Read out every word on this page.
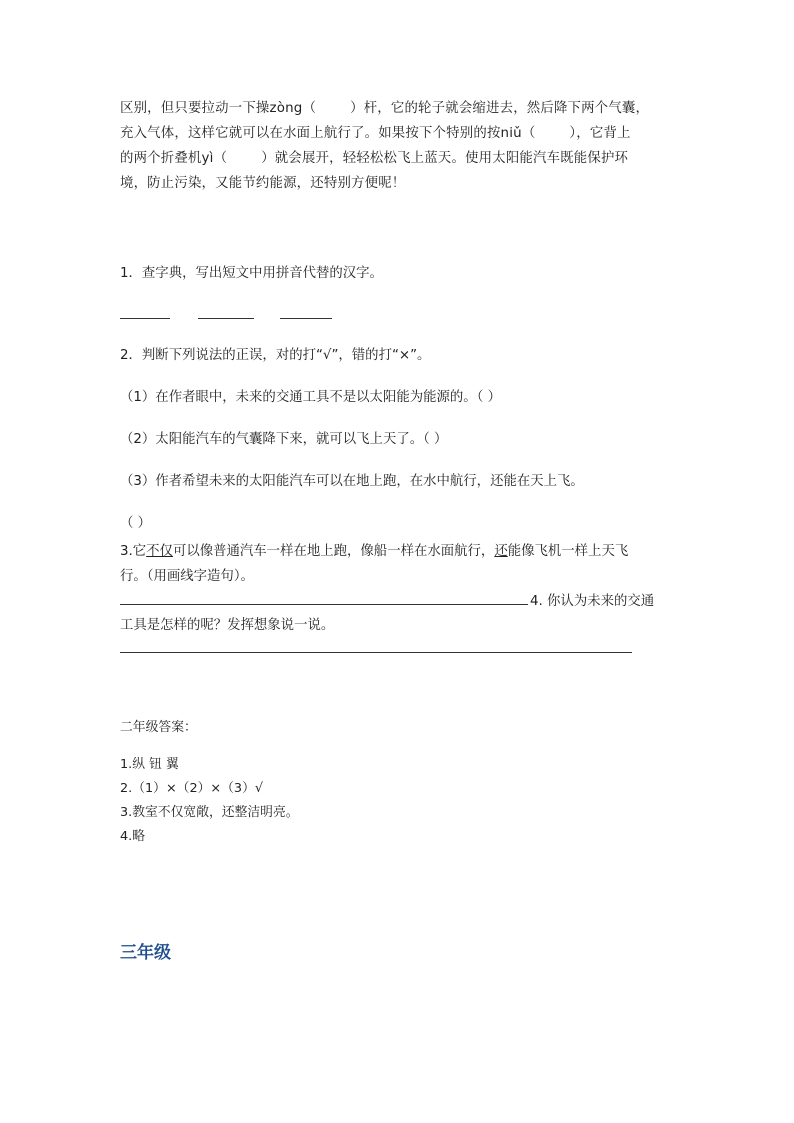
区别，但只要拉动一下操zòng（	）杆，它的轮子就会缩进去，然后降下两个气囊，

充入气体，这样它就可以在水面上航行了。如果按下个特别的按niǔ（	），它背上

的两个折叠机yì（	）就会展开，轻轻松松飞上蓝天。使用太阳能汽车既能保护环

境，防止污染，又能节约能源，还特别方便呢！

1．查字典，写出短文中用拼音代替的汉字。
2．判断下列说法的正误，对的打“√”，错的打“×”。
（1）在作者眼中，未来的交通工具不是以太阳能为能源的。（ ）
（2）太阳能汽车的气囊降下来，就可以飞上天了。（ ）
（3）作者希望未来的太阳能汽车可以在地上跑，在水中航行，还能在天上飞。
（ ）
3.它不仅可以像普通汽车一样在地上跑，像船一样在水面航行，还能像飞机一样上天飞
行。（用画线字造句）。
4. 你认为未来的交通
工具是怎样的呢？发挥想象说一说。
二年级答案：
1.纵 钮 翼
2.（1）×（2）×（3）√
3.教室不仅宽敞，还整洁明亮。
4.略
三年级
